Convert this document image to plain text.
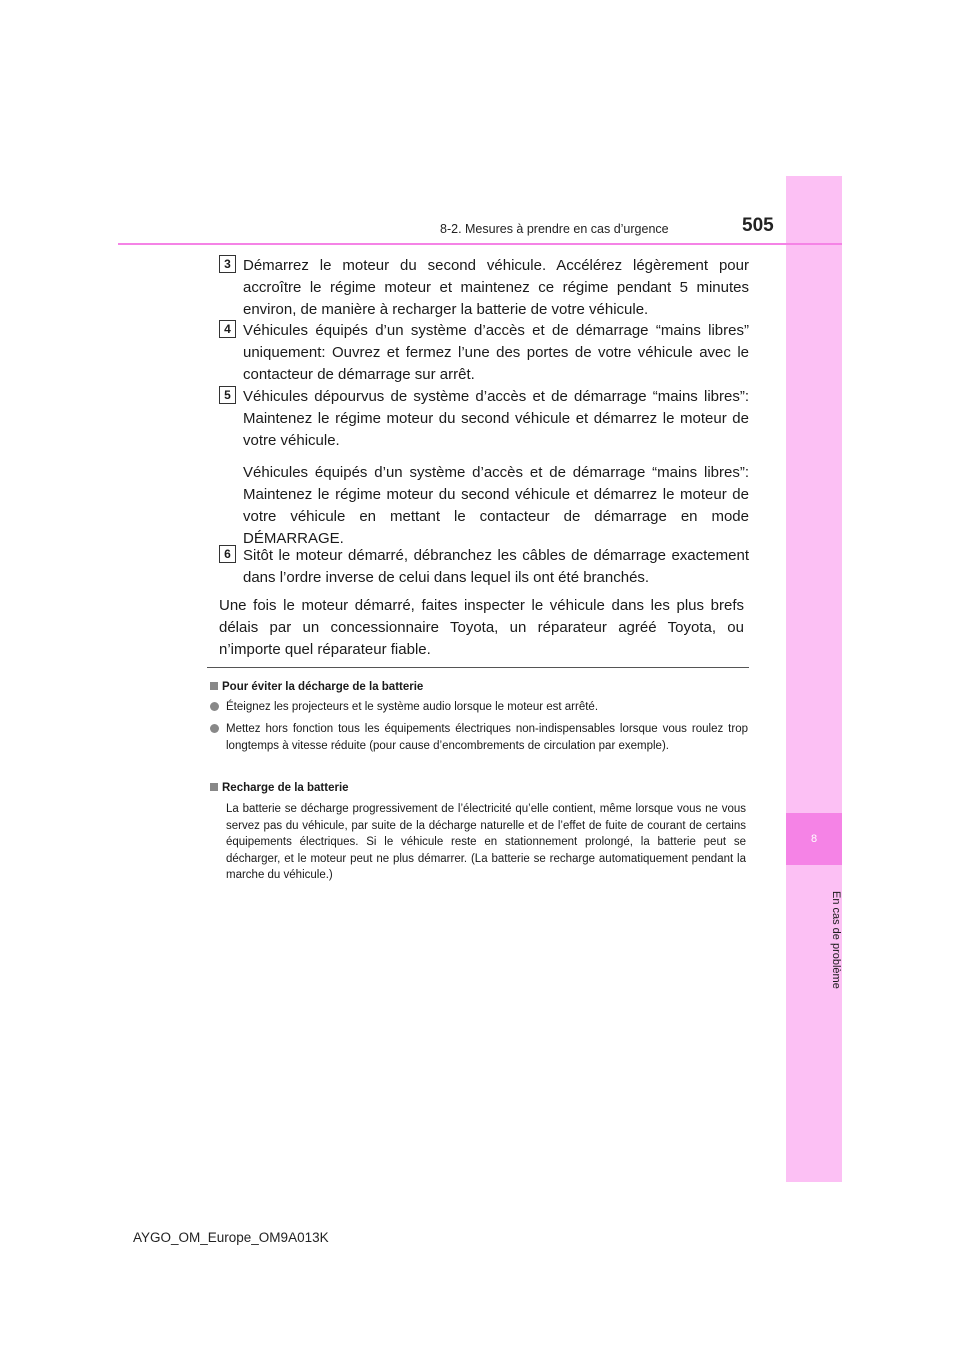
8
En cas de problème
8-2. Mesures à prendre en cas d’urgence	505
3 Démarrez le moteur du second véhicule. Accélérez légèrement pour accroître le régime moteur et maintenez ce régime pendant 5 minutes environ, de manière à recharger la batterie de votre véhicule.
4 Véhicules équipés d’un système d’accès et de démarrage “mains libres” uniquement: Ouvrez et fermez l’une des portes de votre véhicule avec le contacteur de démarrage sur arrêt.
5 Véhicules dépourvus de système d’accès et de démarrage “mains libres”: Maintenez le régime moteur du second véhicule et démarrez le moteur de votre véhicule.
Véhicules équipés d’un système d’accès et de démarrage “mains libres”: Maintenez le régime moteur du second véhicule et démarrez le moteur de votre véhicule en mettant le contacteur de démarrage en mode DÉMARRAGE.
6 Sitôt le moteur démarré, débranchez les câbles de démarrage exactement dans l’ordre inverse de celui dans lequel ils ont été branchés.
Une fois le moteur démarré, faites inspecter le véhicule dans les plus brefs délais par un concessionnaire Toyota, un réparateur agréé Toyota, ou n’importe quel réparateur fiable.
Pour éviter la décharge de la batterie
Éteignez les projecteurs et le système audio lorsque le moteur est arrêté.
Mettez hors fonction tous les équipements électriques non-indispensables lorsque vous roulez trop longtemps à vitesse réduite (pour cause d’encombrements de circulation par exemple).
Recharge de la batterie
La batterie se décharge progressivement de l’électricité qu’elle contient, même lorsque vous ne vous servez pas du véhicule, par suite de la décharge naturelle et de l’effet de fuite de courant de certains équipements électriques. Si le véhicule reste en stationnement prolongé, la batterie peut se décharger, et le moteur peut ne plus démarrer. (La batterie se recharge automatiquement pendant la marche du véhicule.)
AYGO_OM_Europe_OM9A013K
